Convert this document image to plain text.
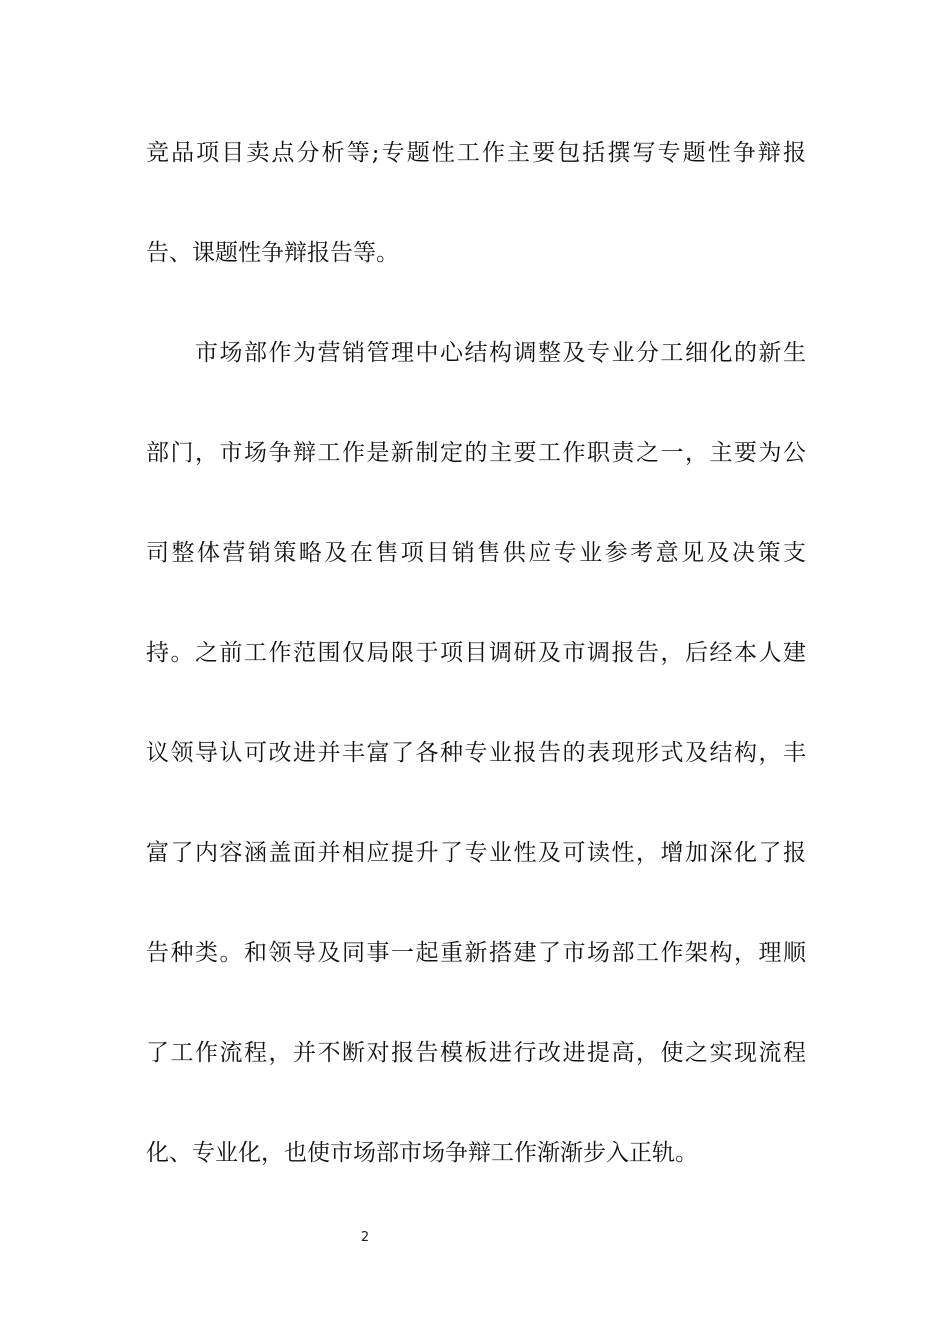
竞品项目卖点分析等;专题性工作主要包括撰写专题性争辩报
告、课题性争辩报告等。
市场部作为营销管理中心结构调整及专业分工细化的新生
部门，市场争辩工作是新制定的主要工作职责之一，主要为公
司整体营销策略及在售项目销售供应专业参考意见及决策支
持。之前工作范围仅局限于项目调研及市调报告，后经本人建
议领导认可改进并丰富了各种专业报告的表现形式及结构，丰
富了内容涵盖面并相应提升了专业性及可读性，增加深化了报
告种类。和领导及同事一起重新搭建了市场部工作架构，理顺
了工作流程，并不断对报告模板进行改进提高，使之实现流程
化、专业化，也使市场部市场争辩工作渐渐步入正轨。
2
